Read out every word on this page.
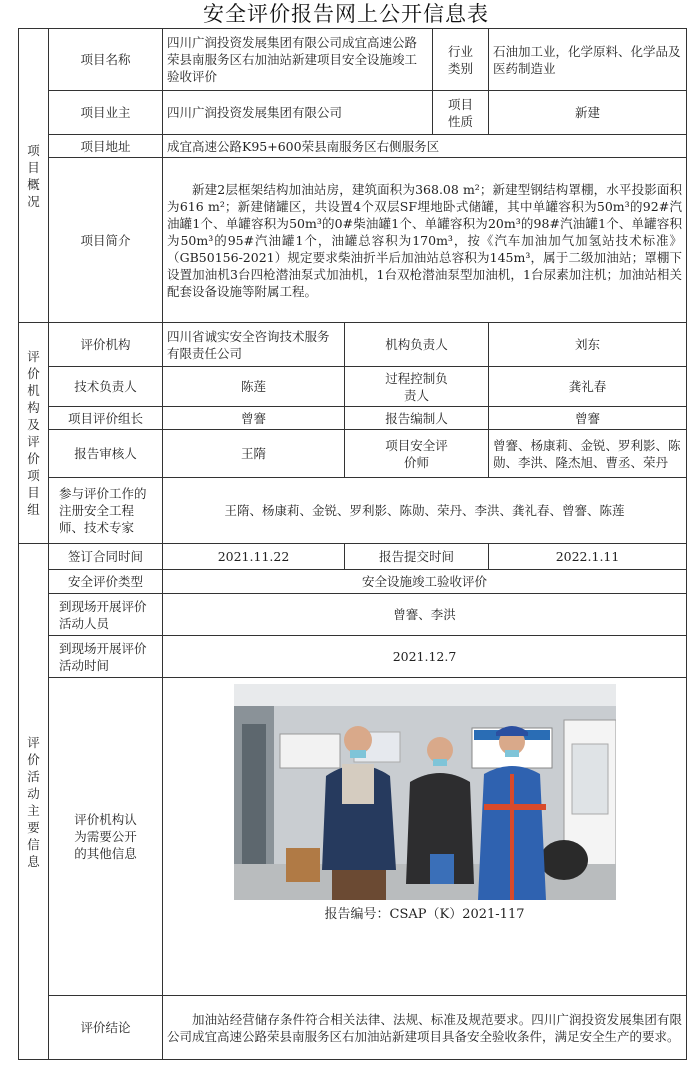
安全评价报告网上公开信息表
项目概况	项目名称	四川广润投资发展集团有限公司成宜高速公路荣县南服务区右加油站新建项目安全设施竣工验收评价		行业类别	石油加工业，化学原料、化学品及医药制造业
	项目业主	四川广润投资发展集团有限公司		项目性质	新建
	项目地址	成宜高速公路K95+600荣县南服务区右侧服务区			
	项目简介	新建2层框架结构加油站房，建筑面积为368.08 m²；新建型钢结构罩棚，水平投影面积为616 m²；新建储罐区，共设置4个双层SF埋地卧式储罐，其中单罐容积为50m³的92#汽油罐1个、单罐容积为50m³的0#柴油罐1个、单罐容积为20m³的98#汽油罐1个、单罐容积为50m³的95#汽油罐1个，油罐总容积为170m³，按《汽车加油加气加氢站技术标准》（GB50156-2021）规定要求柴油折半后加油站总容积为145m³，属于二级加油站；罩棚下设置加油机3台四枪潜油泵式加油机，1台双枪潜油泵型加油机，1台尿素加注机；加油站相关配套设备设施等附属工程。			
评价机构及评价项目组	评价机构	四川省诚实安全咨询技术服务有限责任公司	机构负责人		刘东
	技术负责人	陈莲	过程控制负责人		龚礼春
	项目评价组长	曾謇	报告编制人		曾謇
	报告审核人	王隋	项目安全评价师		曾謇、杨康莉、金锐、罗利影、陈勋、李洪、隆杰旭、曹丞、荣丹
	参与评价工作的注册安全工程师、技术专家	王隋、杨康莉、金锐、罗利影、陈勋、荣丹、李洪、龚礼春、曾謇、陈莲			
评价活动主要信息	签订合同时间	2021.11.22	报告提交时间		2022.1.11
	安全评价类型	安全设施竣工验收评价			
	到现场开展评价活动人员	曾謇、李洪			
	到现场开展评价活动时间	2021.12.7			
	评价机构认为需要公开的其他信息	报告编号：CSAP（K）2021-117			

	评价结论	加油站经营储存条件符合相关法律、法规、标准及规范要求。四川广润投资发展集团有限公司成宜高速公路荣县南服务区右加油站新建项目具备安全验收条件，满足安全生产的要求。			
